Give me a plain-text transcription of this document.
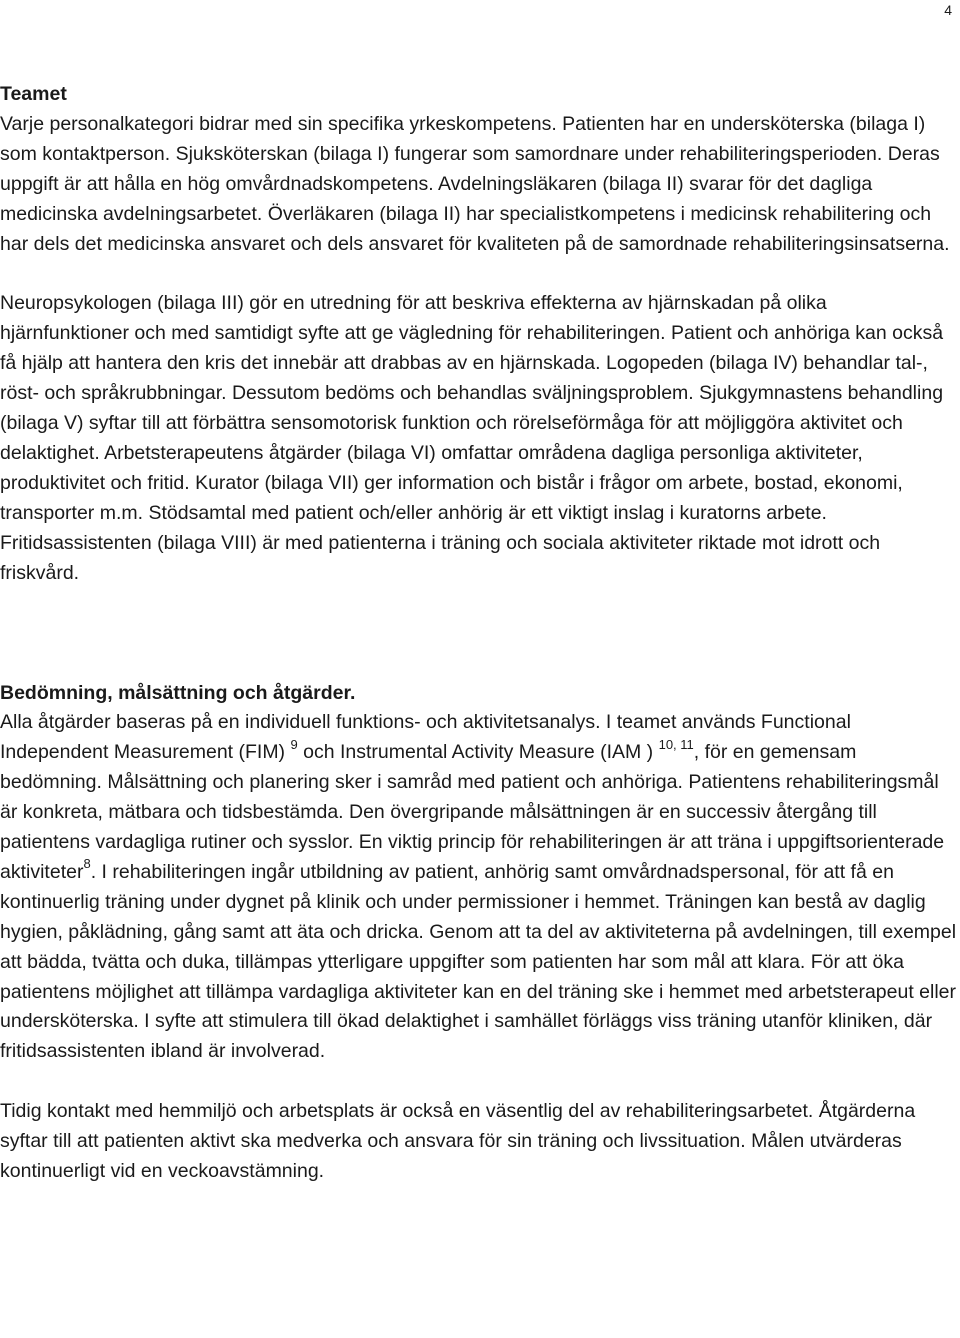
4

Teamet

Varje personalkategori bidrar med sin specifika yrkeskompetens. Patienten har en undersköterska (bilaga I) som kontaktperson. Sjuksköterskan (bilaga I) fungerar som samordnare under rehabiliteringsperioden. Deras uppgift är att hålla en hög omvårdnadskompetens. Avdelningsläkaren (bilaga II) svarar för det dagliga medicinska avdelningsarbetet. Överläkaren (bilaga II) har specialistkompetens i medicinsk rehabilitering och har dels det medicinska ansvaret och dels ansvaret för kvaliteten på de samordnade rehabiliteringsinsatserna.

Neuropsykologen (bilaga III) gör en utredning för att beskriva effekterna av hjärnskadan på olika hjärnfunktioner och med samtidigt syfte att ge vägledning för rehabiliteringen. Patient och anhöriga kan också få hjälp att hantera den kris det innebär att drabbas av en hjärnskada. Logopeden (bilaga IV) behandlar tal-, röst- och språkrubbningar. Dessutom bedöms och behandlas sväljningsproblem. Sjukgymnastens behandling (bilaga V) syftar till att förbättra sensomotorisk funktion och rörelseförmåga för att möjliggöra aktivitet och delaktighet. Arbetsterapeutens åtgärder (bilaga VI) omfattar områdena dagliga personliga aktiviteter, produktivitet och fritid. Kurator (bilaga VII) ger information och bistår i frågor om arbete, bostad, ekonomi, transporter m.m. Stödsamtal med patient och/eller anhörig är ett viktigt inslag i kuratorns arbete. Fritidsassistenten (bilaga VIII) är med patienterna i träning och sociala aktiviteter riktade mot idrott och friskvård.

Bedömning, målsättning och åtgärder.

Alla åtgärder baseras på en individuell funktions- och aktivitetsanalys. I teamet används Functional Independent Measurement (FIM) $^9$ och Instrumental Activity Measure (IAM ) $^{10, 11}$, för en gemensam bedömning. Målsättning och planering sker i samråd med patient och anhöriga. Patientens rehabiliteringsmål är konkreta, mätbara och tidsbestämda. Den övergripande målsättningen är en successiv återgång till patientens vardagliga rutiner och sysslor. En viktig princip för rehabiliteringen är att träna i uppgiftsorienterade aktiviteter$^8$. I rehabiliteringen ingår utbildning av patient, anhörig samt omvårdnadspersonal, för att få en kontinuerlig träning under dygnet på klinik och under permissioner i hemmet. Träningen kan bestå av daglig hygien, påklädning, gång samt att äta och dricka. Genom att ta del av aktiviteterna på avdelningen, till exempel att bädda, tvätta och duka, tillämpas ytterligare uppgifter som patienten har som mål att klara. För att öka patientens möjlighet att tillämpa vardagliga aktiviteter kan en del träning ske i hemmet med arbetsterapeut eller undersköterska. I syfte att stimulera till ökad delaktighet i samhället förläggs viss träning utanför kliniken, där fritidsassistenten ibland är involverad.

Tidig kontakt med hemmiljö och arbetsplats är också en väsentlig del av rehabiliteringsarbetet. Åtgärderna syftar till att patienten aktivt ska medverka och ansvara för sin träning och livssituation. Målen utvärderas kontinuerligt vid en veckoavstämning.
